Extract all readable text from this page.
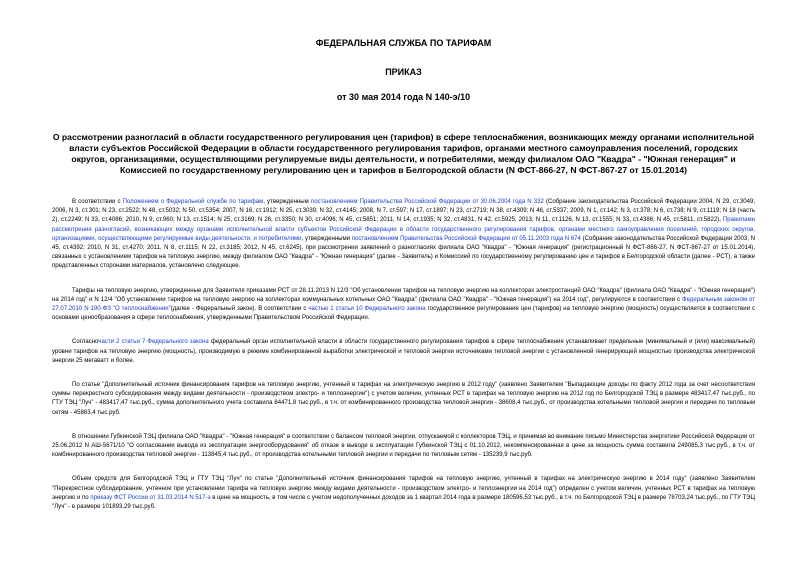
ФЕДЕРАЛЬНАЯ СЛУЖБА ПО ТАРИФАМ
ПРИКАЗ
от 30 мая 2014 года N 140-э/10
О рассмотрении разногласий в области государственного регулирования цен (тарифов) в сфере теплоснабжения, возникающих между органами исполнительной власти субъектов Российской Федерации в области государственного регулирования тарифов, органами местного самоуправления поселений, городских округов, организациями, осуществляющими регулируемые виды деятельности, и потребителями, между филиалом ОАО "Квадра" - "Южная генерация" и Комиссией по государственному регулированию цен и тарифов в Белгородской области (N ФСТ-866-27, N ФСТ-867-27 от 15.01.2014)

В соответствии с Положением о Федеральной службе по тарифам, утвержденным постановлением Правительства Российской Федерации от 30.06.2004 года N 332 (Собрание законодательства Российской Федерации 2004, N 29, ст.3049; 2006, N 3, ст.301; N 23, ст.2522; N 48, ст.5032; N 50, ст.5354; 2007, N 16, ст.1912; N 25, ст.3039; N 32, ст.4145; 2008, N 7, ст.597; N 17, ст.1897; N 23, ст.2719; N 38, ст.4309; N 46, ст.5337; 2009, N 1, ст.142; N 3, ст.378; N 6, ст.738; N 9, ст.1119; N 18 (часть 2), ст.2249; N 33, ст.4086; 2010, N 9, ст.960; N 13, ст.1514; N 25, ст.3169; N 26, ст.3350; N 30, ст.4096; N 45, ст.5851; 2011, N 14, ст.1935; N 32, ст.4831, N 42, ст.5925; 2013, N 11, ст.1126, N 13, ст.1555; N 33, ст.4386; N 45, ст.5811, ст.5822), Правилами рассмотрения разногласий, возникающих между органами исполнительной власти субъектов Российской Федерации в области государственного регулирования тарифов, органами местного самоуправления поселений, городских округов, организациями, осуществляющими регулируемые виды деятельности, и потребителями, утвержденными постановлением Правительства Российской Федерации от 05.11.2003 года N 674 (Собрание законодательства Российской Федерации 2003, N 45, ст.4392; 2010, N 31, ст.4270; 2011, N 8, ст.1115; N 22, ст.3185; 2012, N 45, ст.6245), при рассмотрении заявлений о разногласиях филиала ОАО "Квадра" - "Южная генерация" (регистрационный N ФСТ-866-27, N ФСТ-867-27 от 15.01.2014), связанных с установлением тарифов на тепловую энергию, между филиалом ОАО "Квадра" - "Южная генерация" (далее - Заявитель) и Комиссией по государственному регулированию цен и тарифов в Белгородской области (далее - РСТ), а также представленных сторонами материалов, установлено следующее.

Тарифы на тепловую энергию, утвержденные для Заявителя приказами РСТ от 28.11.2013 N 12/3 "Об установлении тарифов на тепловую энергию на коллекторах электростанций ОАО "Квадра" (филиала ОАО "Квадра" - "Южная генерация") на 2014 год" и N 12/4 "Об установлении тарифов на тепловую энергию на коллекторах коммунальных котельных ОАО "Квадра" (филиала ОАО "Квадра" - "Южная генерация") на 2014 год", регулируются в соответствии с Федеральным законом от 27.07.2010 N 190-ФЗ "О теплоснабжении"(далее - Федеральный закон). В соответствии с частью 1 статьи 10 Федерального закона государственное регулирование цен (тарифов) на тепловую энергию (мощность) осуществляется в соответствии с основами ценообразования в сфере теплоснабжения, утвержденными Правительством Российской Федерации.

Согласночасти 2 статьи 7 Федерального закона федеральный орган исполнительной власти в области государственного регулирования тарифов в сфере теплоснабжения устанавливает предельные (минимальный и (или) максимальный) уровни тарифов на тепловую энергию (мощность), производимую в режиме комбинированной выработки электрической и тепловой энергии источниками тепловой энергии с установленной генерирующей мощностью производства электрической энергии 25 мегаватт и более.

По статье "Дополнительный источник финансирования тарифов на тепловую энергию, учтенный в тарифах на электрическую энергию в 2012 году" (заявлено Заявителем "Выпадающие доходы по факту 2012 года за счет несоответствия суммы перекрестного субсидирования между видами деятельности - производством электро- и теплоэнергии") с учетом величин, учтенных РСТ в тарифах на тепловую энергию на 2012 год по Белгородской ТЭЦ в размере 483417,47 тыс.руб., по ГТУ ТЭЦ "Луч" - 483417,47 тыс.руб., сумма дополнительного учета составила 84471,8 тыс.руб., в т.ч. от комбинированного производства тепловой энергии - 38608,4 тыс.руб., от производства котельными тепловой энергии и передачи по тепловым сетям - 45863,4 тыс.руб.

В отношении Губкинской ТЭЦ филиала ОАО "Квадра" - "Южная генерация" в соответствии с балансом тепловой энергии, отпускаемой с коллекторов ТЭЦ, и принимая во внимание письмо Министерства энергетики Российской Федерации от 25.06.2012 N АШ-5671/10 "О согласовании вывода из эксплуатации энергооборудования" об отказе в выводе в эксплуатации Губкинской ТЭЦ с 01.10.2012, некомпенсированная в цене за мощность сумма составила 249085,3 тыс.руб., в т.ч. от комбинированного производства тепловой энергии - 113845,4 тыс.руб., от производства котельными тепловой энергии и передачи по тепловым сетям - 135239,9 тыс.руб.

Объем средств для Белгородской ТЭЦ и ГТУ ТЭЦ "Луч" по статье "Дополнительный источник финансирования тарифов на тепловую энергию, учтенный в тарифах на электрическую энергию в 2014 году" (заявлено Заявителем "Перекрестное субсидирование, учтенное при установлении тарифа на тепловую энергию между видами деятельности - производством электро- и теплоэнергии на 2014 год") определен с учетом величин, учтенных РСТ в тарифах на тепловую энергию и по приказу ФСТ России от 31.03.2014 N 517-э в цене на мощность, в том числе с учетом недополученных доходов за 1 квартал 2014 года в размере 180596,53 тыс.руб., в т.ч. по Белгородской ТЭЦ в размере 78703,24 тыс.руб., по ГТУ ТЭЦ "Луч" - в размере 101893,29 тыс.руб.
